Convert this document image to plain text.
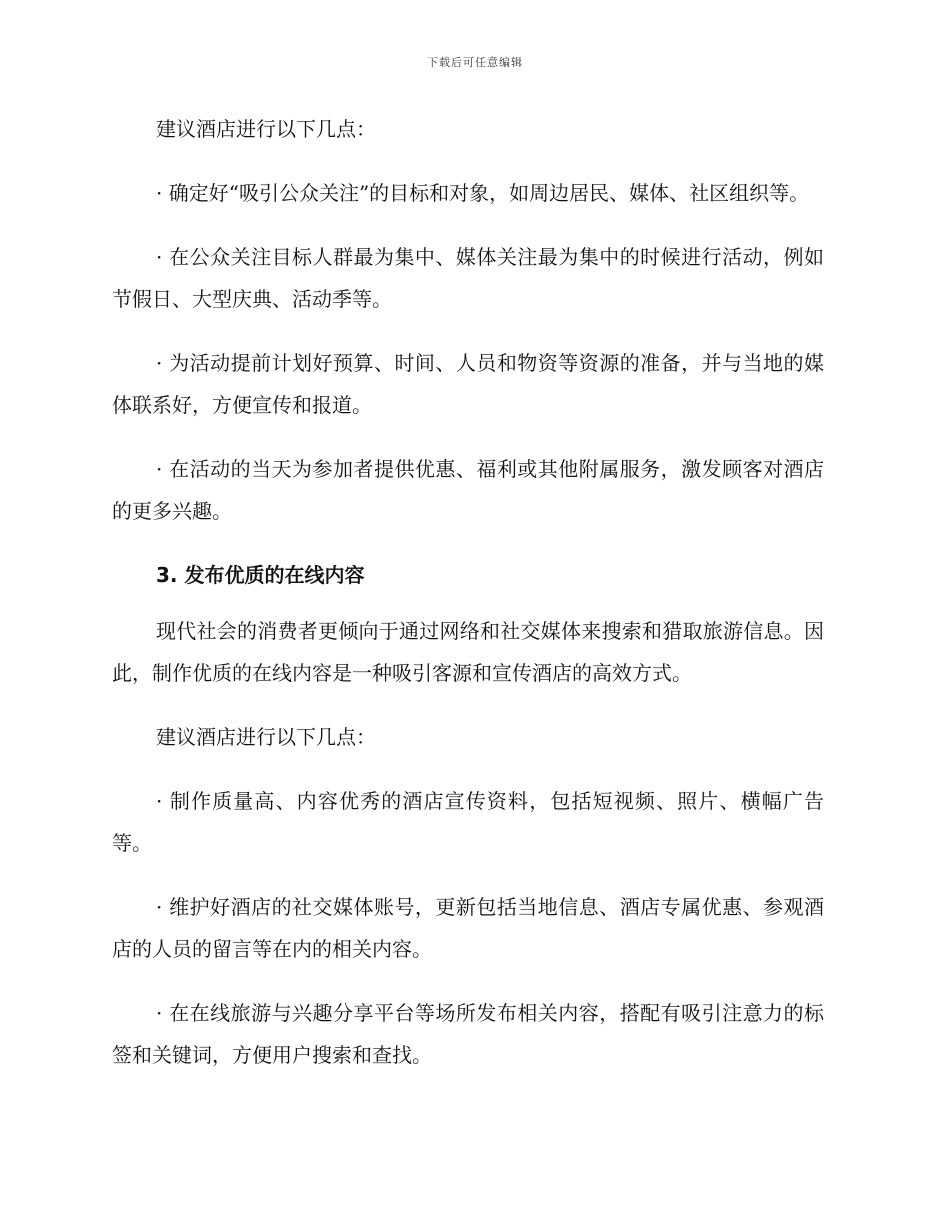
下载后可任意编辑

建议酒店进行以下几点：

· 确定好“吸引公众关注”的目标和对象，如周边居民、媒体、社区组织等。

· 在公众关注目标人群最为集中、媒体关注最为集中的时候进行活动，例如节假日、大型庆典、活动季等。

· 为活动提前计划好预算、时间、人员和物资等资源的准备，并与当地的媒体联系好，方便宣传和报道。

· 在活动的当天为参加者提供优惠、福利或其他附属服务，激发顾客对酒店的更多兴趣。

3. 发布优质的在线内容

现代社会的消费者更倾向于通过网络和社交媒体来搜索和猎取旅游信息。因此，制作优质的在线内容是一种吸引客源和宣传酒店的高效方式。

建议酒店进行以下几点：

· 制作质量高、内容优秀的酒店宣传资料，包括短视频、照片、横幅广告等。

· 维护好酒店的社交媒体账号，更新包括当地信息、酒店专属优惠、参观酒店的人员的留言等在内的相关内容。

· 在在线旅游与兴趣分享平台等场所发布相关内容，搭配有吸引注意力的标签和关键词，方便用户搜索和查找。
